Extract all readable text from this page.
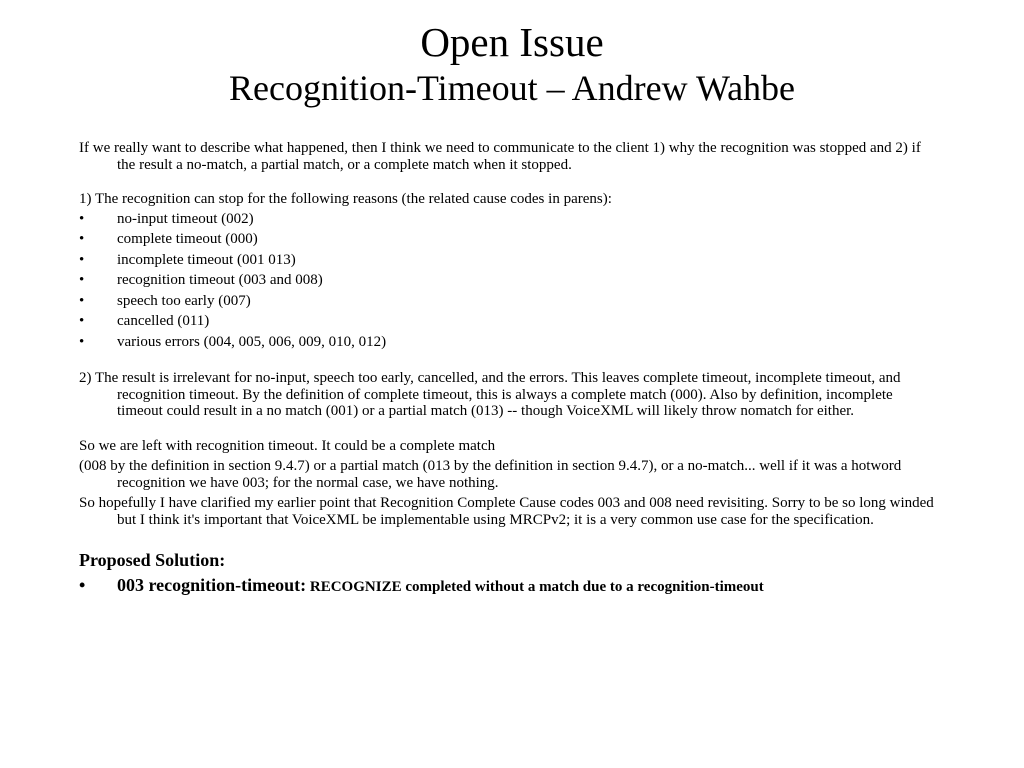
Open Issue
Recognition-Timeout – Andrew Wahbe

If we really want to describe what happened, then I think we need to communicate to the client 1) why the recognition was stopped and 2) if the result a no-match, a partial match, or a complete match when it stopped.

1) The recognition can stop for the following reasons (the related cause codes in parens):

•	no-input timeout (002)
•	complete timeout (000)
•	incomplete timeout (001 013)
•	recognition timeout (003 and 008)
•	speech too early (007)
•	cancelled (011)
•	various errors (004, 005, 006, 009, 010, 012)

2) The result is irrelevant for no-input, speech too early, cancelled, and the errors. This leaves complete timeout, incomplete timeout, and recognition timeout. By the definition of complete timeout, this is always a complete match (000). Also by definition, incomplete timeout could result in a no match (001) or a partial match (013) -- though VoiceXML will likely throw nomatch for either.

So we are left with recognition timeout. It could be a complete match

(008 by the definition in section 9.4.7) or a partial match (013 by the definition in section 9.4.7), or a no-match... well if it was a hotword recognition we have 003; for the normal case, we have nothing.

So hopefully I have clarified my earlier point that Recognition Complete Cause codes 003 and 008 need revisiting. Sorry to be so long winded but I think it's important that VoiceXML be implementable using MRCPv2; it is a very common use case for the specification.

Proposed Solution:
•	003 recognition-timeout: RECOGNIZE completed without a match due to a recognition-timeout
